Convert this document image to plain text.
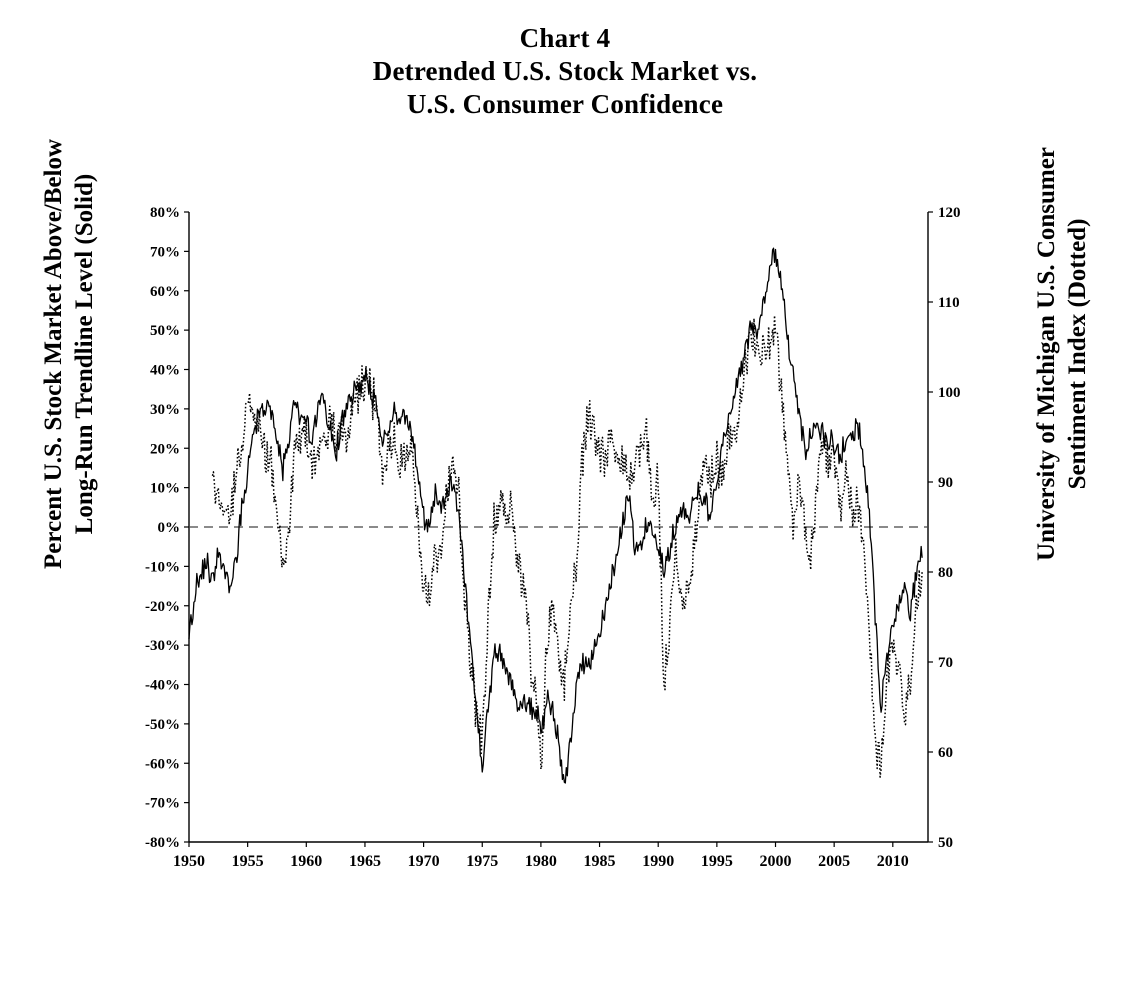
Chart 4
Detrended U.S. Stock Market vs.
U.S. Consumer Confidence
Percent U.S. Stock Market Above/Below Long-Run Trendline Level (Solid)	University of Michigan U.S. Consumer Sentiment Index (Dotted)
-80%
-70%
-60%
-50%
-40%
-30%
-20%
-10%
0%
10%
20%
30%
40%
50%
60%
70%
80%
50
60
70
80
90
100
110
120
1950 1955 1960 1965 1970 1975 1980 1985 1990 1995 2000 2005 2010
